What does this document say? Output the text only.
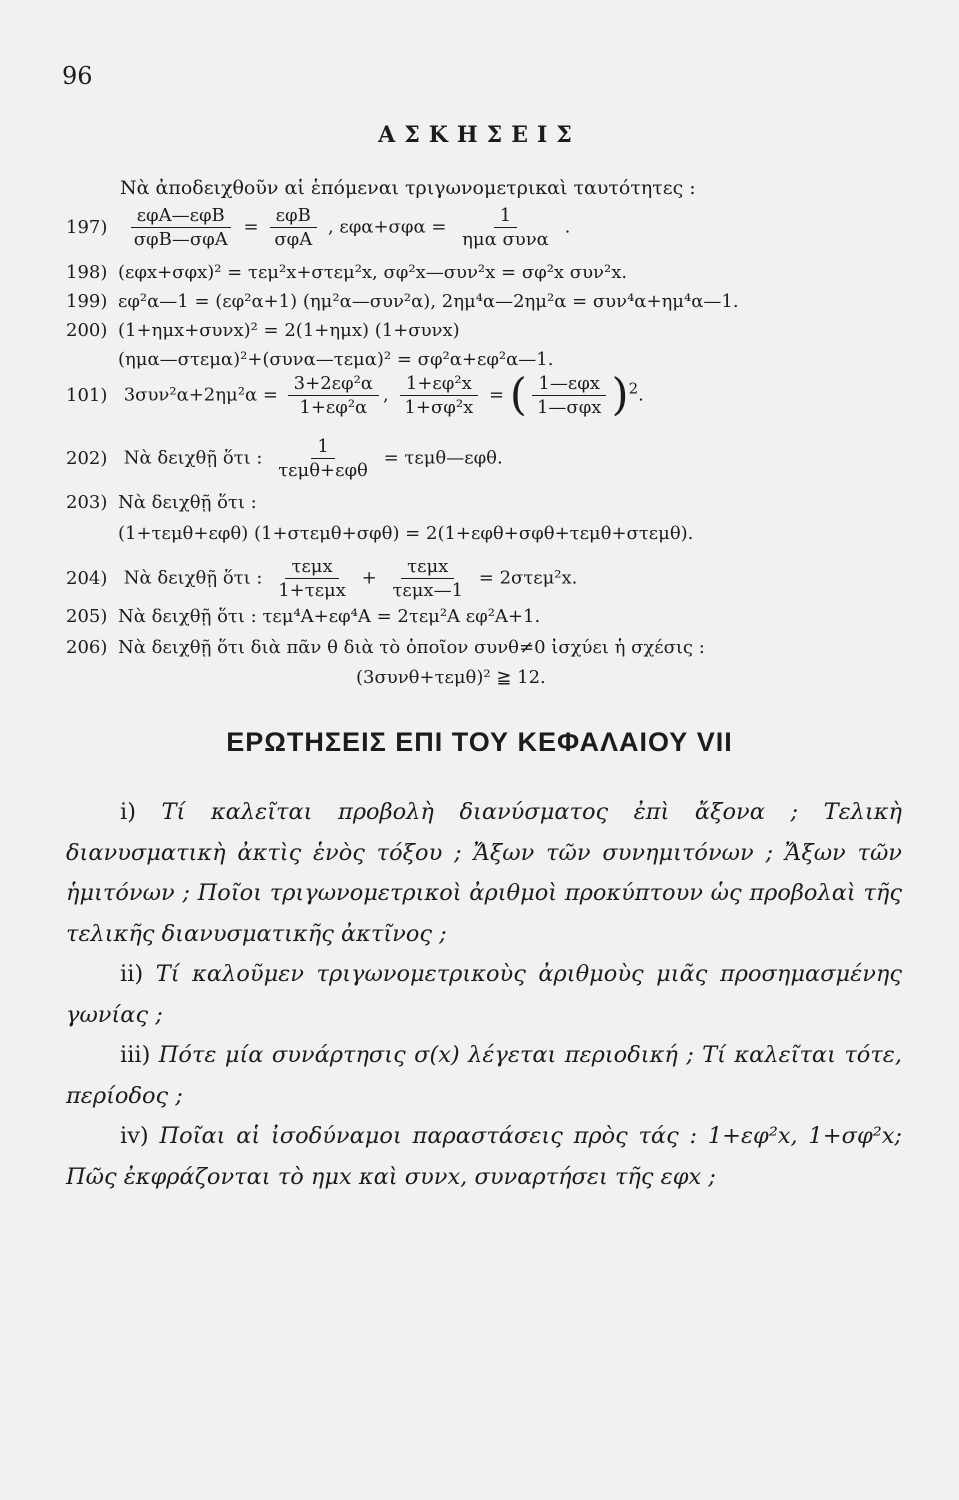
96
ΑΣΚΗΣΕΙΣ
Νὰ ἀποδειχθοῦν αἱ ἑπόμεναι τριγωνομετρικαὶ ταυτότητες :
$197) \frac{\text{εφΑ—εφΒ}}{\text{σφΒ—σφΑ}} = \frac{\text{εφΒ}}{\text{σφΑ}}$ , $\varepsilon\varphi\alpha+\sigma\varphi\alpha = \frac{1}{\text{ημα συνα}}$ .
198) (εφx+σφx)² = τεμ²x+στεμ²x, σφ²x—συν²x = σφ²x συν²x.
199) εφ²α—1 = (εφ²α+1) (ημ²α—συν²α), 2ημ⁴α—2ημ²α = συν⁴α+ημ⁴α—1.
200) (1+ημx+συνx)² = 2(1+ημx) (1+συνx)
(ημα—στεμα)²+(συνα—τεμα)² = σφ²α+εφ²α—1.
101) $3\sigma\upsilon\nu^2\alpha+2\eta\mu^2\alpha = \frac{\text{3+2εφ²α}}{\text{1+εφ²α}}$ , $\frac{\text{1+εφ²x}}{\text{1+σφ²x}}$ = ( $\frac{\text{1—εφx}}{\text{1—σφx}} )^2$.
202) Νὰ δειχθῇ ὅτι : $\frac{1}{\text{τεμθ+εφθ}}$ = τεμθ—εφθ.
203) Νὰ δειχθῇ ὅτι :
(1+τεμθ+εφθ) (1+στεμθ+σφθ) = 2(1+εφθ+σφθ+τεμθ+στεμθ).
204) Νὰ δειχθῇ ὅτι : $\frac{\text{τεμx}}{\text{1+τεμx}} + \frac{\text{τεμx}}{\text{τεμx—1}} = 2\sigma\tau\varepsilon\mu^2x$.
205) Νὰ δειχθῇ ὅτι : τεμ⁴Α+εφ⁴Α = 2τεμ²Α εφ²Α+1.
206) Νὰ δειχθῇ ὅτι διὰ πᾶν θ διὰ τὸ ὁποῖον συνθ≠0 ἰσχύει ἡ σχέσις :
(3συνθ+τεμθ)² ≧ 12.
ΕΡΩΤΗΣΕΙΣ ΕΠΙ ΤΟΥ ΚΕΦΑΛΑΙΟΥ VII
i) Τί καλεῖται προβολὴ διανύσματος ἐπὶ ἄξονα ; Τελικὴ διανυσματικὴ ἀκτὶς ἑνὸς τόξου ; Ἄξων τῶν συνημιτόνων ; Ἄξων τῶν ἡμιτόνων ; Ποῖοι τριγωνομετρικοὶ ἀριθμοὶ προκύπτουν ὡς προβολαὶ τῆς τελικῆς διανυσματικῆς ἀκτῖνος ;
ii) Τί καλοῦμεν τριγωνομετρικοὺς ἀριθμοὺς μιᾶς προσημασμένης γωνίας ;
iii) Πότε μία συνάρτησις σ(x) λέγεται περιοδική ; Τί καλεῖται τότε, περίοδος ;
iv) Ποῖαι αἱ ἰσοδύναμοι παραστάσεις πρὸς τάς : 1+εφ²x, 1+σφ²x; Πῶς ἐκφράζονται τὸ ημx καὶ συνx, συναρτήσει τῆς εφx ;
